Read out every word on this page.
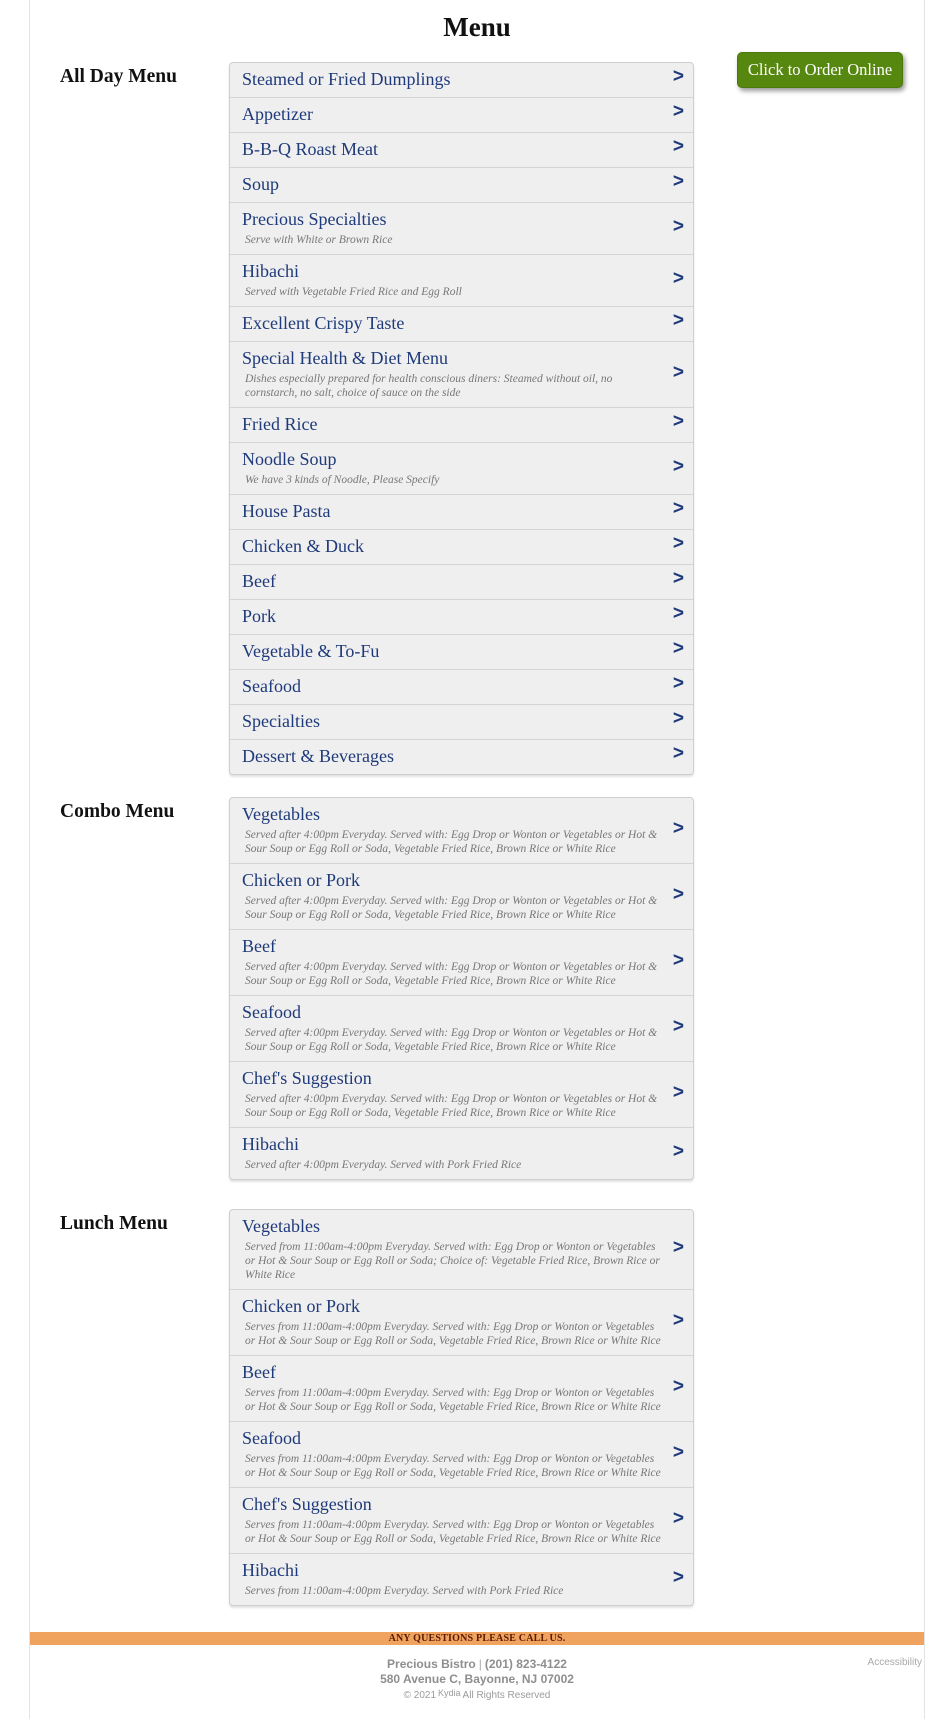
Menu
Click to Order Online
All Day Menu	Steamed or Fried Dumplings	>
Appetizer	>
B-B-Q Roast Meat	>
Soup	>
Precious Specialties
Serve with White or Brown Rice
>
Hibachi
Served with Vegetable Fried Rice and Egg Roll
>
Excellent Crispy Taste	>
Special Health & Diet Menu
Dishes especially prepared for health conscious diners: Steamed without oil, no cornstarch, no salt, choice of sauce on the side
>
Fried Rice	>
Noodle Soup
We have 3 kinds of Noodle, Please Specify
>
House Pasta	>
Chicken & Duck	>
Beef	>
Pork	>
Vegetable & To-Fu	>
Seafood	>
Specialties	>
Dessert & Beverages	>
Combo Menu	Vegetables
Served after 4:00pm Everyday. Served with: Egg Drop or Wonton or Vegetables or Hot & Sour Soup or Egg Roll or Soda, Vegetable Fried Rice, Brown Rice or White Rice
>
Chicken or Pork
Served after 4:00pm Everyday. Served with: Egg Drop or Wonton or Vegetables or Hot & Sour Soup or Egg Roll or Soda, Vegetable Fried Rice, Brown Rice or White Rice
>
Beef
Served after 4:00pm Everyday. Served with: Egg Drop or Wonton or Vegetables or Hot & Sour Soup or Egg Roll or Soda, Vegetable Fried Rice, Brown Rice or White Rice
>
Seafood
Served after 4:00pm Everyday. Served with: Egg Drop or Wonton or Vegetables or Hot & Sour Soup or Egg Roll or Soda, Vegetable Fried Rice, Brown Rice or White Rice
>
Chef's Suggestion
Served after 4:00pm Everyday. Served with: Egg Drop or Wonton or Vegetables or Hot & Sour Soup or Egg Roll or Soda, Vegetable Fried Rice, Brown Rice or White Rice
>
Hibachi
Served after 4:00pm Everyday. Served with Pork Fried Rice
>
Lunch Menu	Vegetables
Served from 11:00am-4:00pm Everyday. Served with: Egg Drop or Wonton or Vegetables or Hot & Sour Soup or Egg Roll or Soda; Choice of: Vegetable Fried Rice, Brown Rice or White Rice
>
Chicken or Pork
Serves from 11:00am-4:00pm Everyday. Served with: Egg Drop or Wonton or Vegetables or Hot & Sour Soup or Egg Roll or Soda, Vegetable Fried Rice, Brown Rice or White Rice
>
Beef
Serves from 11:00am-4:00pm Everyday. Served with: Egg Drop or Wonton or Vegetables or Hot & Sour Soup or Egg Roll or Soda, Vegetable Fried Rice, Brown Rice or White Rice
>
Seafood
Serves from 11:00am-4:00pm Everyday. Served with: Egg Drop or Wonton or Vegetables or Hot & Sour Soup or Egg Roll or Soda, Vegetable Fried Rice, Brown Rice or White Rice
>
Chef's Suggestion
Serves from 11:00am-4:00pm Everyday. Served with: Egg Drop or Wonton or Vegetables or Hot & Sour Soup or Egg Roll or Soda, Vegetable Fried Rice, Brown Rice or White Rice
>
Hibachi
Serves from 11:00am-4:00pm Everyday. Served with Pork Fried Rice
>
ANY QUESTIONS PLEASE CALL US.
Precious Bistro | (201) 823-4122
580 Avenue C, Bayonne, NJ 07002
© 2021 Kydia All Rights Reserved
Accessibility
